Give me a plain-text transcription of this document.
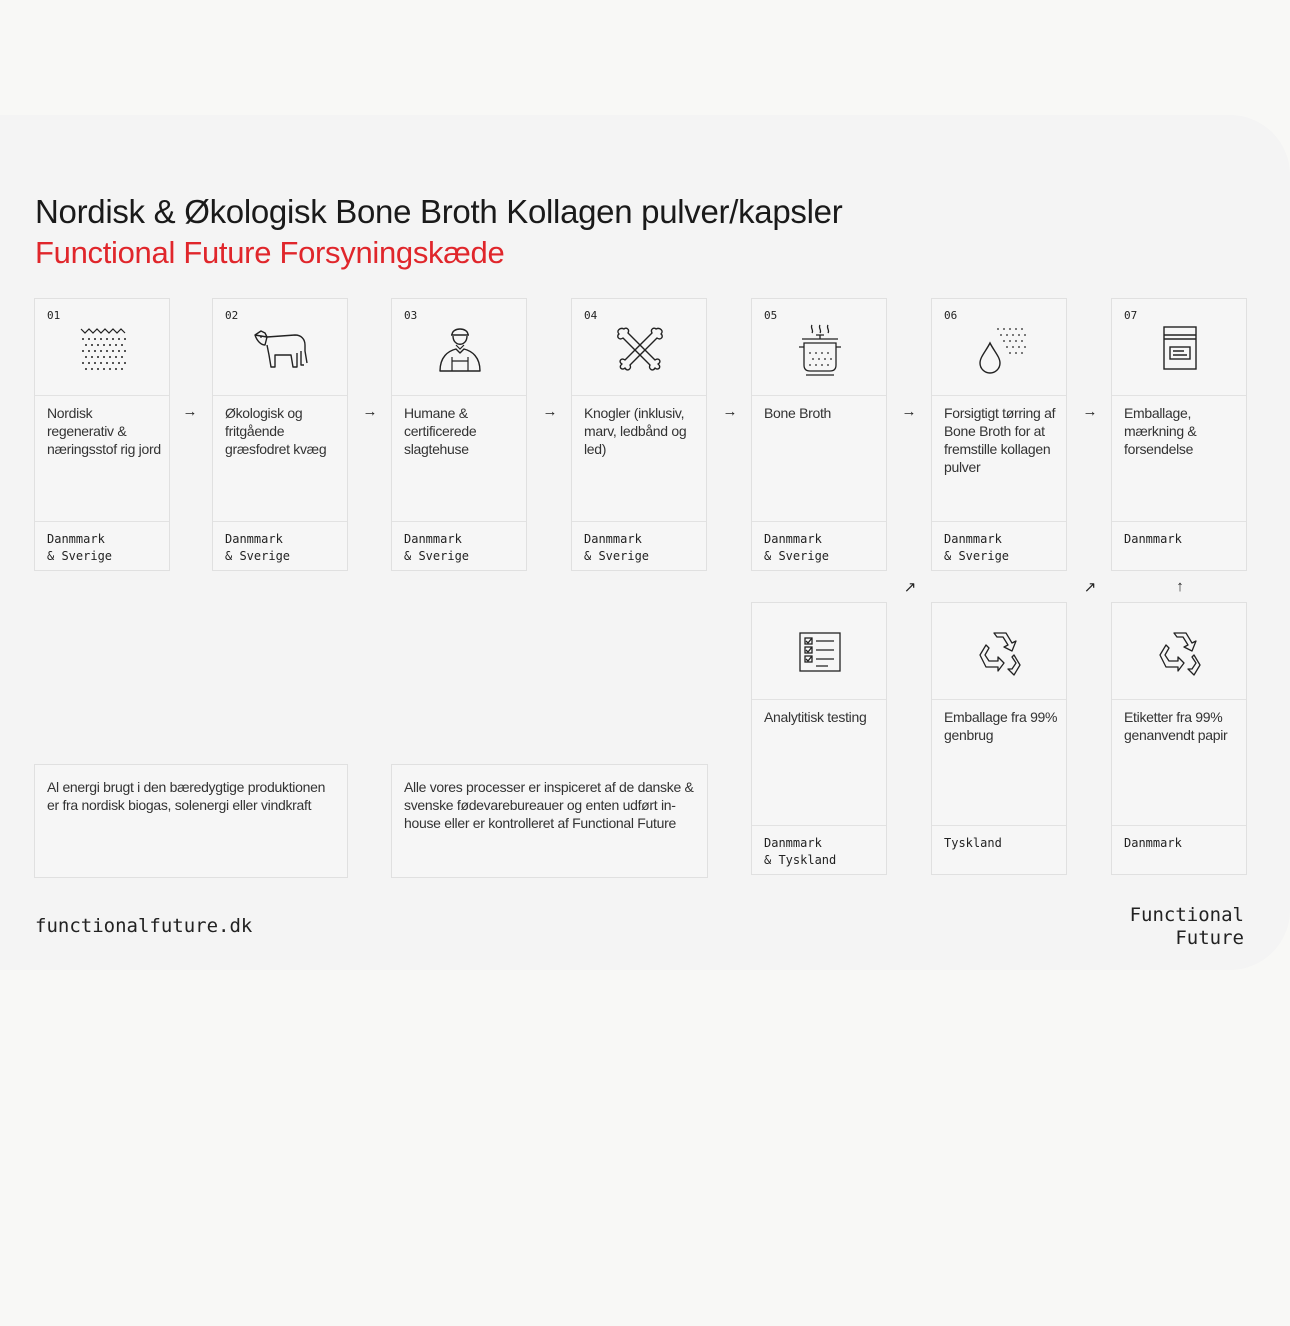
Nordisk & Økologisk Bone Broth Kollagen pulver/kapsler
Functional Future Forsyningskæde
01
Nordisk regenerativ & næringsstof rig jord
Danmmark
& Sverige
02
Økologisk og fritgående græsfodret kvæg
Danmmark
& Sverige
03
Humane & certificerede slagtehuse
Danmmark
& Sverige
04
Knogler (inklusiv, marv, ledbånd og led)
Danmmark
& Sverige
05
Bone Broth
Danmmark
& Sverige
06
Forsigtigt tørring af Bone Broth for at fremstille kollagen pulver
Danmmark
& Sverige
07
Emballage, mærkning & forsendelse
Danmmark
→	→	→	→	→	→
↗	↗	↑
Analytitisk testing
Danmmark
& Tyskland
Emballage fra 99% genbrug
Tyskland
Etiketter fra 99% genanvendt papir
Danmmark
Al energi brugt i den bæredygtige produktionen er fra nordisk biogas, solenergi eller vindkraft
Alle vores processer er inspiceret af de danske & svenske fødevarebureauer og enten udført in-house eller er kontrolleret af Functional Future
functionalfuture.dk	Functional
Future
